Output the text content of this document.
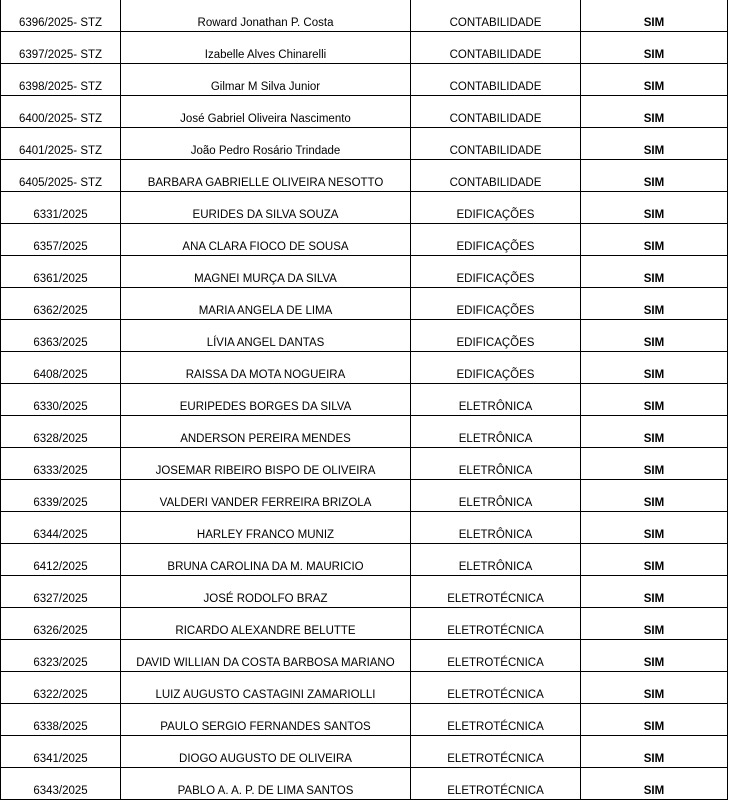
6396/2025- STZ	Roward Jonathan P. Costa	CONTABILIDADE	SIM
6397/2025- STZ	Izabelle Alves Chinarelli	CONTABILIDADE	SIM
6398/2025- STZ	Gilmar M Silva Junior	CONTABILIDADE	SIM
6400/2025- STZ	José Gabriel Oliveira Nascimento	CONTABILIDADE	SIM
6401/2025- STZ	João Pedro Rosário Trindade	CONTABILIDADE	SIM
6405/2025- STZ	BARBARA GABRIELLE OLIVEIRA NESOTTO	CONTABILIDADE	SIM
6331/2025	EURIDES DA SILVA SOUZA	EDIFICAÇÕES	SIM
6357/2025	ANA CLARA FIOCO DE SOUSA	EDIFICAÇÕES	SIM
6361/2025	MAGNEI MURÇA DA SILVA	EDIFICAÇÕES	SIM
6362/2025	MARIA ANGELA DE LIMA	EDIFICAÇÕES	SIM
6363/2025	LÍVIA ANGEL DANTAS	EDIFICAÇÕES	SIM
6408/2025	RAISSA DA MOTA NOGUEIRA	EDIFICAÇÕES	SIM
6330/2025	EURIPEDES BORGES DA SILVA	ELETRÔNICA	SIM
6328/2025	ANDERSON PEREIRA MENDES	ELETRÔNICA	SIM
6333/2025	JOSEMAR RIBEIRO BISPO DE OLIVEIRA	ELETRÔNICA	SIM
6339/2025	VALDERI VANDER FERREIRA BRIZOLA	ELETRÔNICA	SIM
6344/2025	HARLEY FRANCO MUNIZ	ELETRÔNICA	SIM
6412/2025	BRUNA CAROLINA DA M. MAURICIO	ELETRÔNICA	SIM
6327/2025	JOSÉ RODOLFO BRAZ	ELETROTÉCNICA	SIM
6326/2025	RICARDO ALEXANDRE BELUTTE	ELETROTÉCNICA	SIM
6323/2025	DAVID WILLIAN DA COSTA BARBOSA MARIANO	ELETROTÉCNICA	SIM
6322/2025	LUIZ AUGUSTO CASTAGINI ZAMARIOLLI	ELETROTÉCNICA	SIM
6338/2025	PAULO SERGIO FERNANDES SANTOS	ELETROTÉCNICA	SIM
6341/2025	DIOGO AUGUSTO DE OLIVEIRA	ELETROTÉCNICA	SIM
6343/2025	PABLO A. A. P. DE LIMA SANTOS	ELETROTÉCNICA	SIM
